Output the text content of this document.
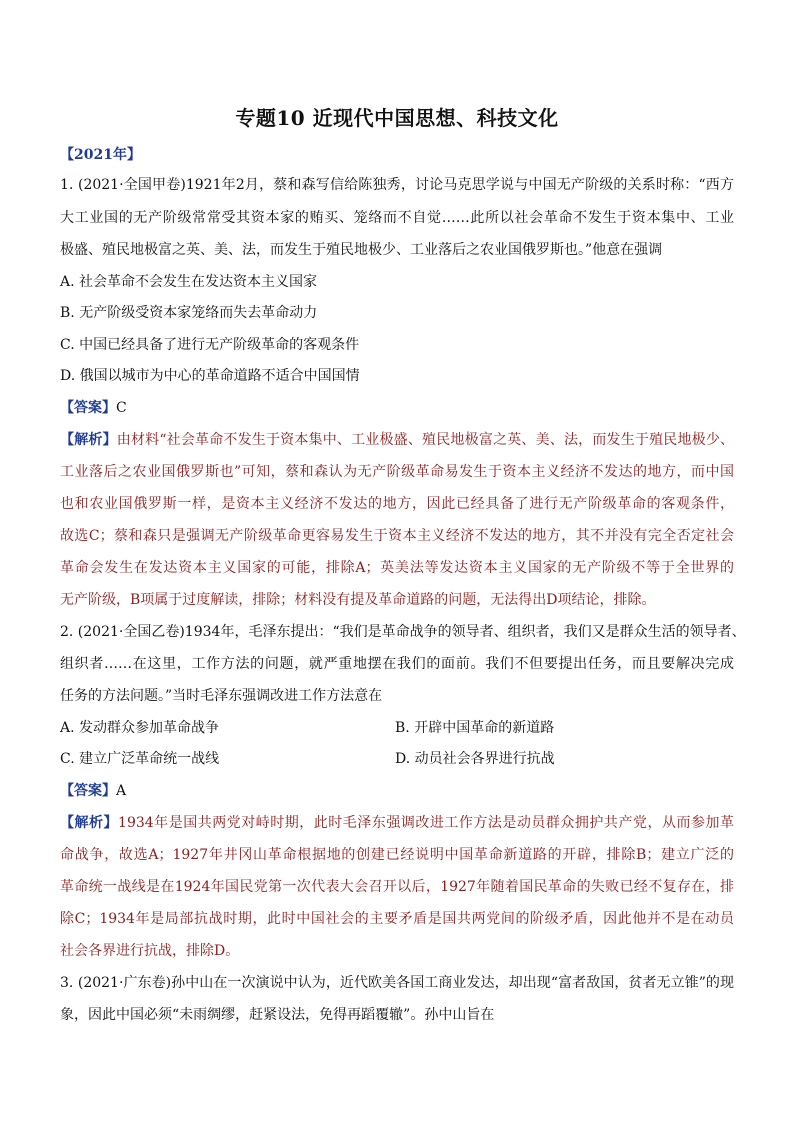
专题10 近现代中国思想、科技文化
【2021年】
1. (2021·全国甲卷)1921年2月，蔡和森写信给陈独秀，讨论马克思学说与中国无产阶级的关系时称：“西方
大工业国的无产阶级常常受其资本家的贿买、笼络而不自觉……此所以社会革命不发生于资本集中、工业
极盛、殖民地极富之英、美、法，而发生于殖民地极少、工业落后之农业国俄罗斯也。”他意在强调
A. 社会革命不会发生在发达资本主义国家
B. 无产阶级受资本家笼络而失去革命动力
C. 中国已经具备了进行无产阶级革命的客观条件
D. 俄国以城市为中心的革命道路不适合中国国情
【答案】C
【解析】由材料“社会革命不发生于资本集中、工业极盛、殖民地极富之英、美、法，而发生于殖民地极少、
工业落后之农业国俄罗斯也”可知，蔡和森认为无产阶级革命易发生于资本主义经济不发达的地方，而中国
也和农业国俄罗斯一样，是资本主义经济不发达的地方，因此已经具备了进行无产阶级革命的客观条件，
故选C；蔡和森只是强调无产阶级革命更容易发生于资本主义经济不发达的地方，其不并没有完全否定社会
革命会发生在发达资本主义国家的可能，排除A；英美法等发达资本主义国家的无产阶级不等于全世界的
无产阶级，B项属于过度解读，排除；材料没有提及革命道路的问题，无法得出D项结论，排除。
2. (2021·全国乙卷)1934年，毛泽东提出：“我们是革命战争的领导者、组织者，我们又是群众生活的领导者、
组织者……在这里，工作方法的问题，就严重地摆在我们的面前。我们不但要提出任务，而且要解决完成
任务的方法问题。”当时毛泽东强调改进工作方法意在
A. 发动群众参加革命战争	B. 开辟中国革命的新道路
C. 建立广泛革命统一战线	D. 动员社会各界进行抗战
【答案】A
【解析】1934年是国共两党对峙时期，此时毛泽东强调改进工作方法是动员群众拥护共产党，从而参加革
命战争，故选A；1927年井冈山革命根据地的创建已经说明中国革命新道路的开辟，排除B；建立广泛的
革命统一战线是在1924年国民党第一次代表大会召开以后，1927年随着国民革命的失败已经不复存在，排
除C；1934年是局部抗战时期，此时中国社会的主要矛盾是国共两党间的阶级矛盾，因此他并不是在动员
社会各界进行抗战，排除D。
3. (2021·广东卷)孙中山在一次演说中认为，近代欧美各国工商业发达，却出现“富者敌国，贫者无立锥”的现
象，因此中国必须“未雨绸缪，赶紧设法，免得再蹈覆辙”。孙中山旨在
